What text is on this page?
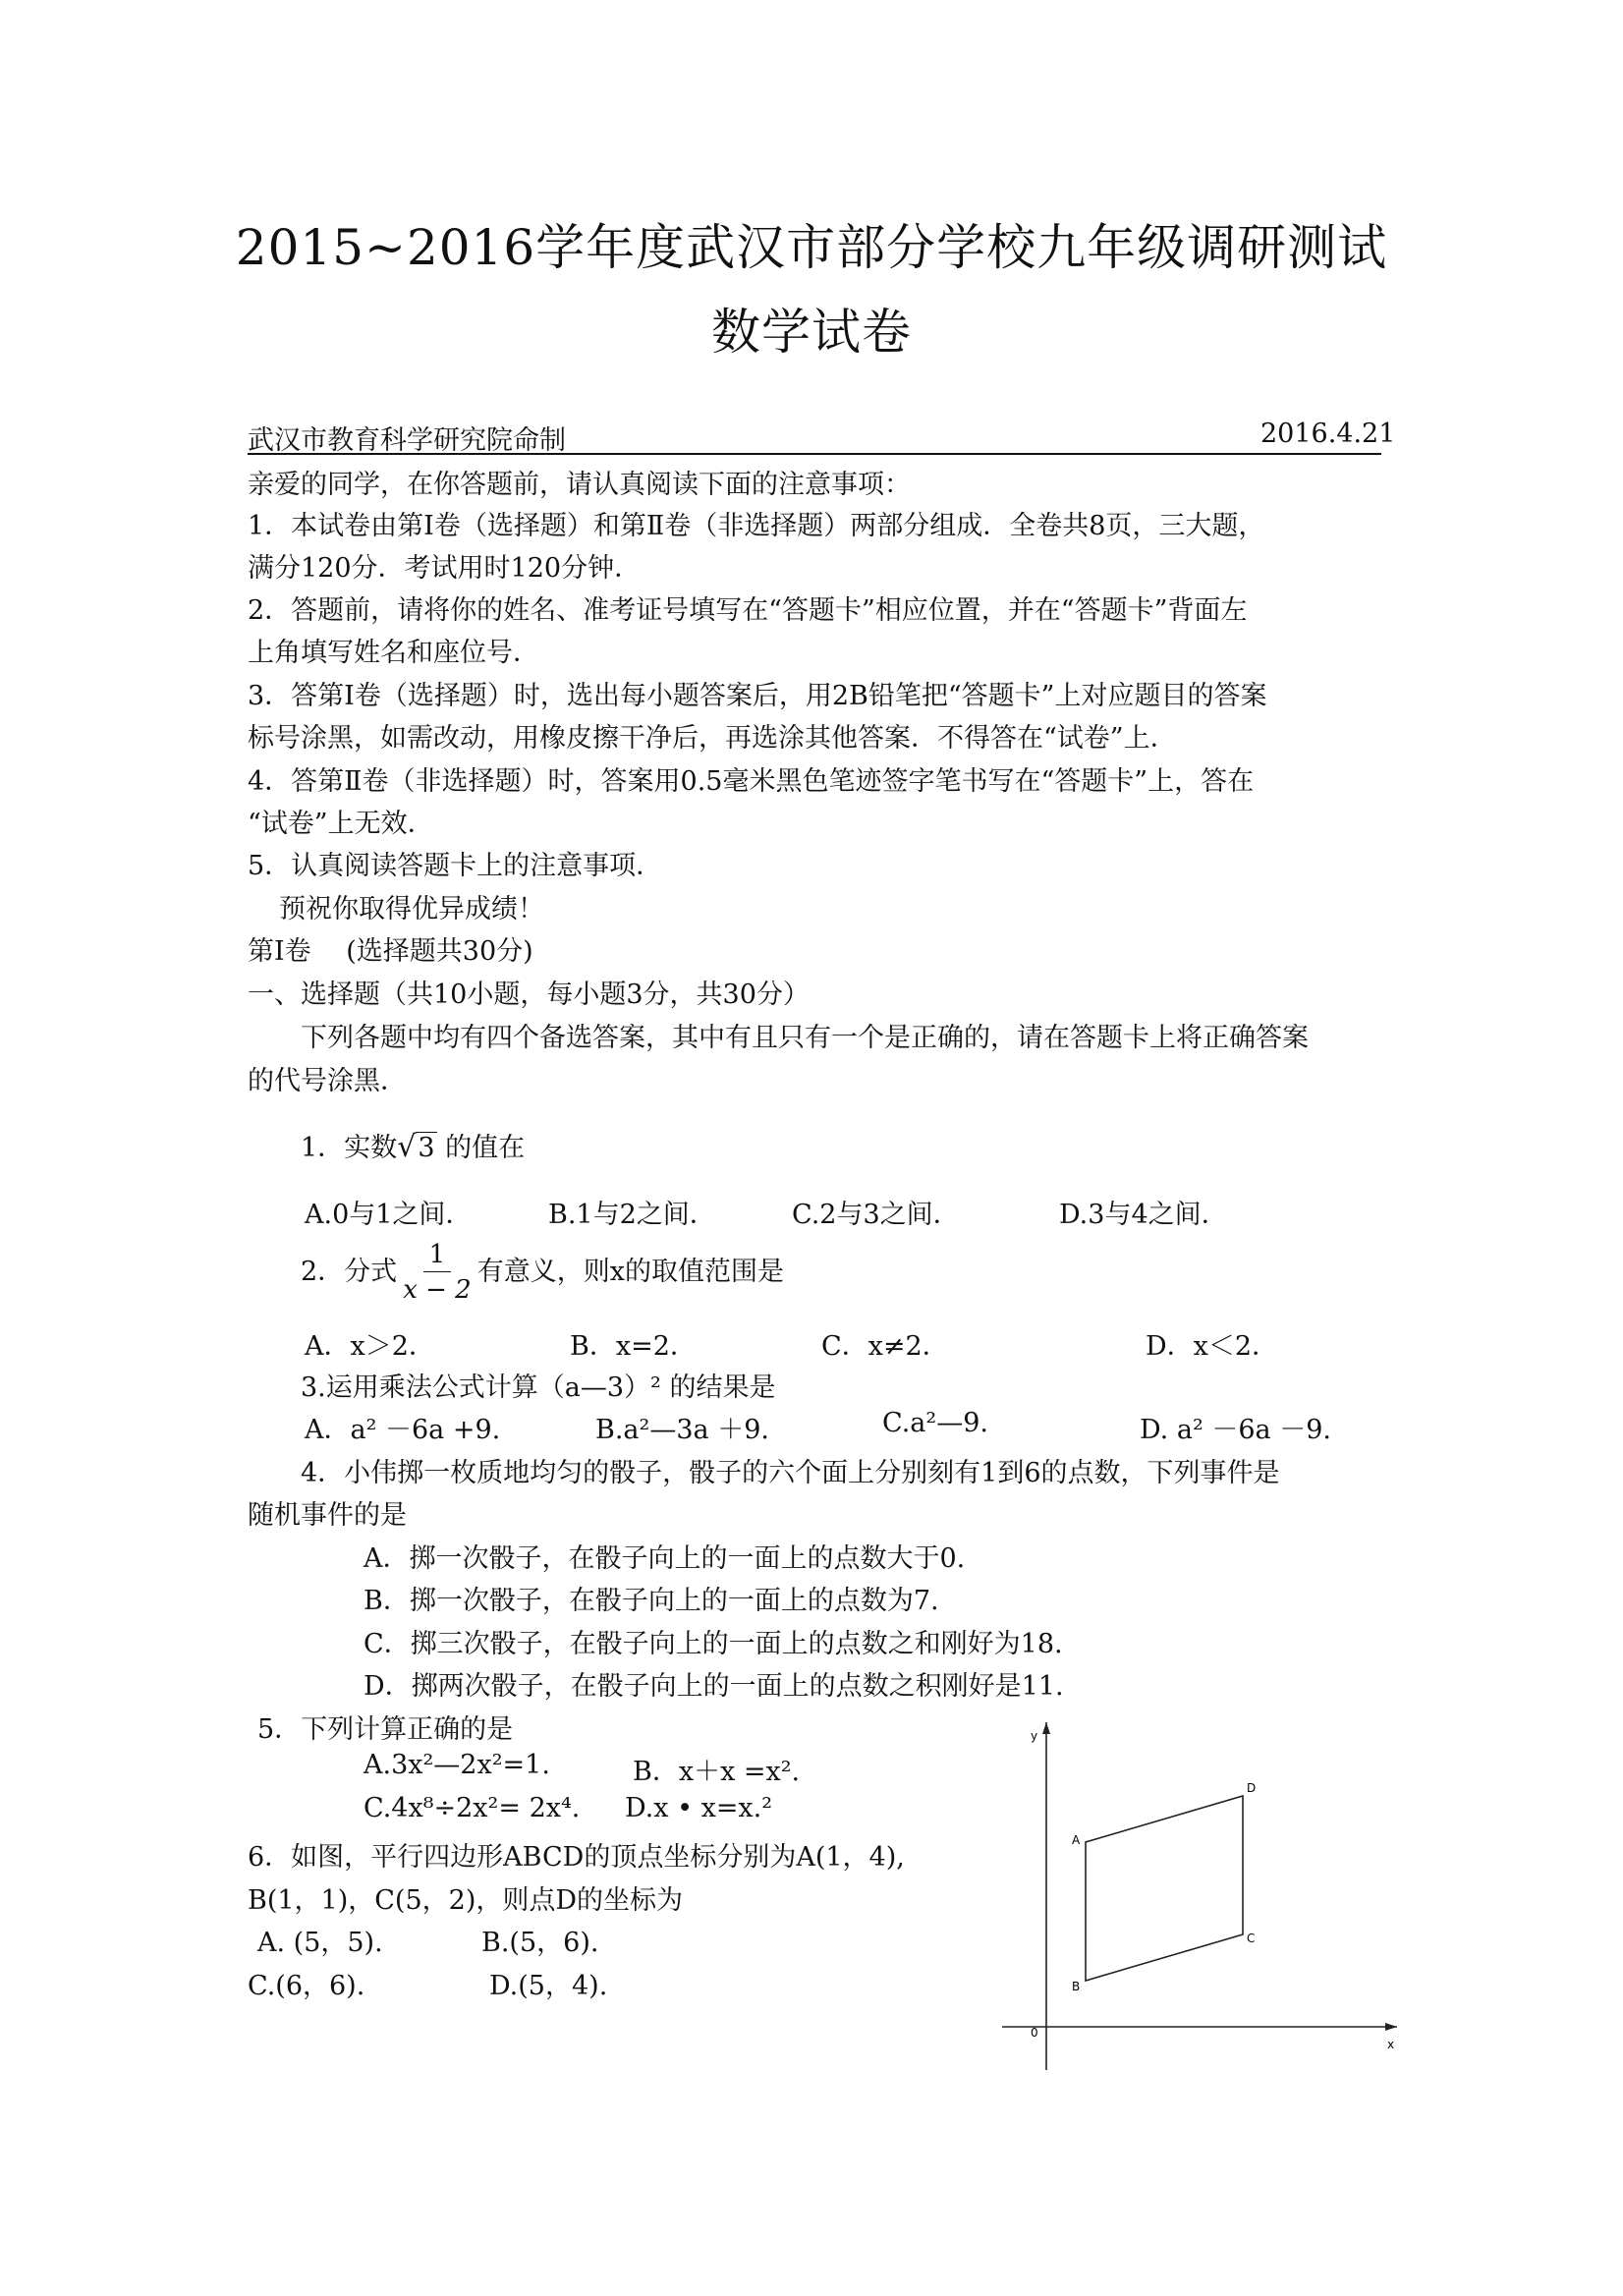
2015~2016学年度武汉市部分学校九年级调研测试
数学试卷
武汉市教育科学研究院命制	2016.4.21
亲爱的同学，在你答题前，请认真阅读下面的注意事项：
1．本试卷由第Ⅰ卷（选择题）和第Ⅱ卷（非选择题）两部分组成．全卷共8页，三大题，
满分120分．考试用时120分钟．
2．答题前，请将你的姓名、准考证号填写在“答题卡”相应位置，并在“答题卡”背面左
上角填写姓名和座位号．
3．答第Ⅰ卷（选择题）时，选出每小题答案后，用2B铅笔把“答题卡”上对应题目的答案
标号涂黑，如需改动，用橡皮擦干净后，再选涂其他答案．不得答在“试卷”上．
4．答第Ⅱ卷（非选择题）时，答案用0.5毫米黑色笔迹签字笔书写在“答题卡”上，答在
“试卷”上无效．
5．认真阅读答题卡上的注意事项．
预祝你取得优异成绩！
第Ⅰ卷 　(选择题共30分)
一、选择题（共10小题，每小题3分，共30分）
下列各题中均有四个备选答案，其中有且只有一个是正确的，请在答题卡上将正确答案
的代号涂黑．
1．实数√3 的值在
A.0与1之间．	B.1与2之间．	C.2与3之间．	D.3与4之间．
2．分式 $\frac{1}{x - 2}$ 有意义，则x的取值范围是
A．x＞2．	B．x=2．	C．x≠2．	D．x＜2．
3.运用乘法公式计算（a—3）² 的结果是
A．a² －6a +9.	B.a²—3a ＋9.	C.a²—9.	D. a² －6a －9.
4．小伟掷一枚质地均匀的骰子，骰子的六个面上分别刻有1到6的点数，下列事件是
随机事件的是
A．掷一次骰子，在骰子向上的一面上的点数大于0.
B．掷一次骰子，在骰子向上的一面上的点数为7.
C．掷三次骰子，在骰子向上的一面上的点数之和刚好为18.
D．掷两次骰子，在骰子向上的一面上的点数之积刚好是11.
5．下列计算正确的是
A.3x²—2x²=1.	B．x＋x =x².
C.4x⁸÷2x²= 2x⁴. D.x • x=x.²
6．如图，平行四边形ABCD的顶点坐标分别为A(1，4),
B(1，1)，C(5，2)，则点D的坐标为
A. (5，5).	B.(5，6).
C.(6，6).	D.(5，4).
x
y
0
A
B
C
D
